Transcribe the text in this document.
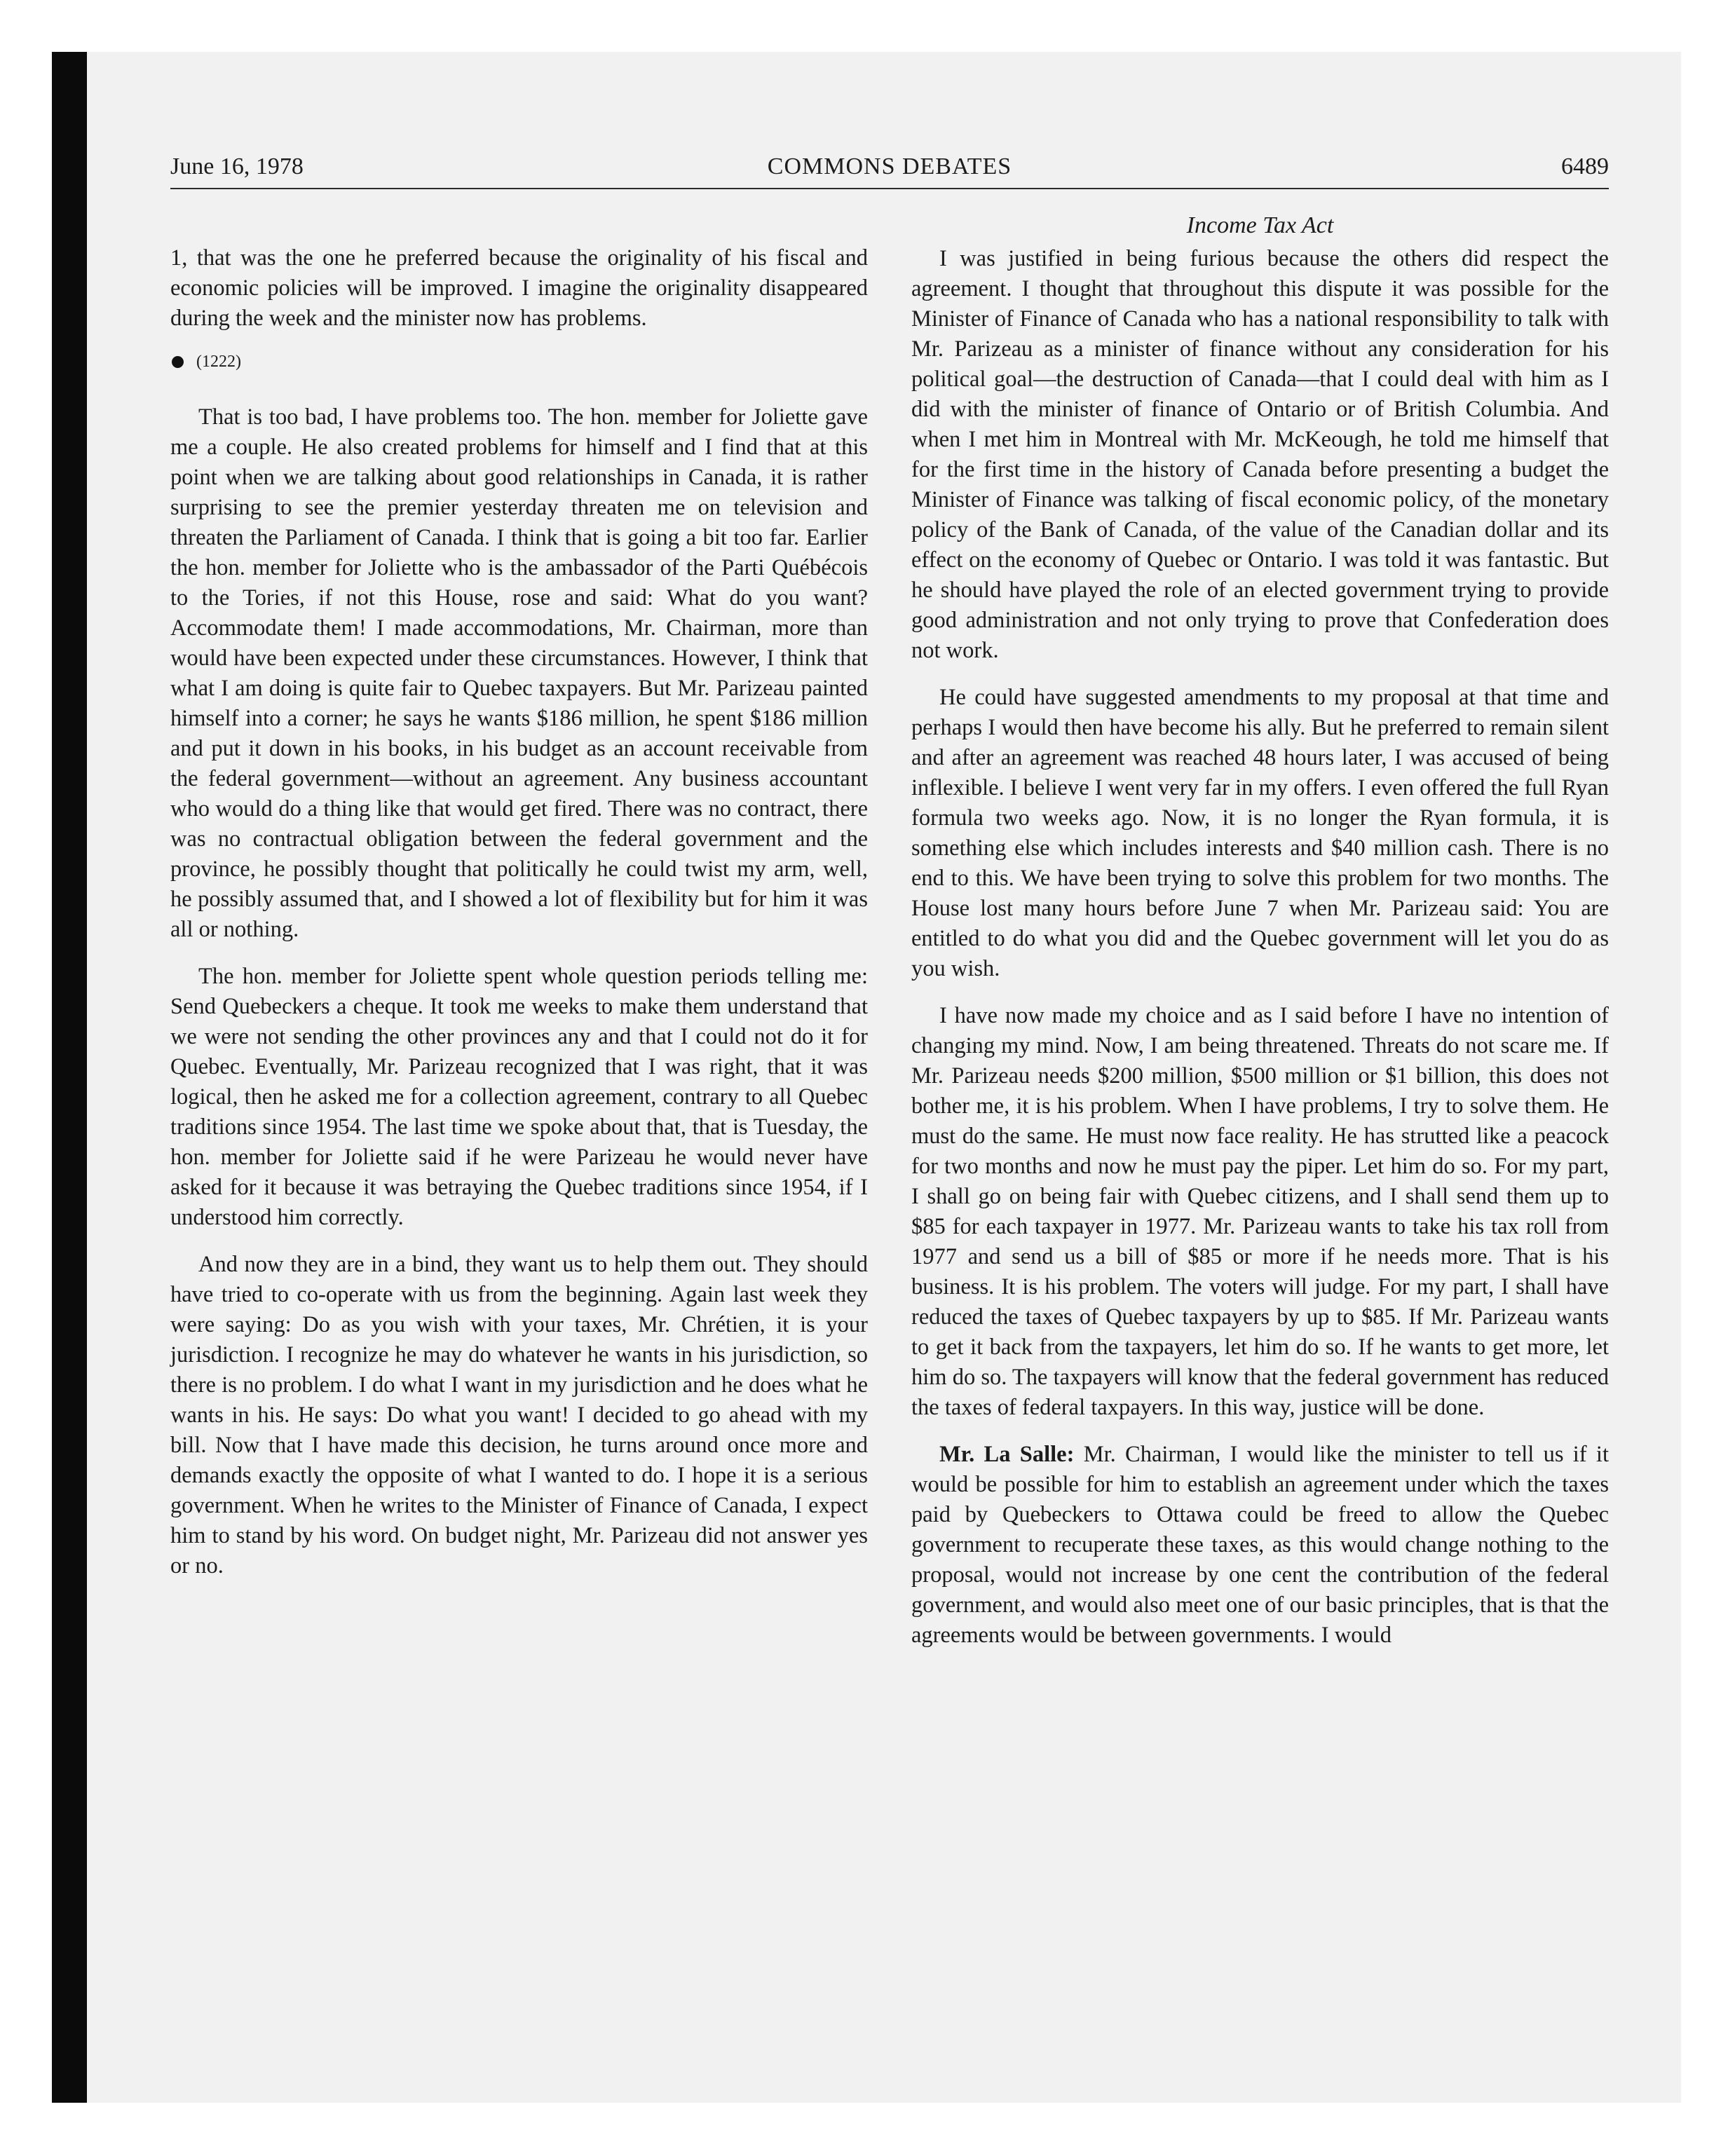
June 16, 1978	COMMONS DEBATES	6489

1, that was the one he preferred because the originality of his fiscal and economic policies will be improved. I imagine the originality disappeared during the week and the minister now has problems.

(1222)

That is too bad, I have problems too. The hon. member for Joliette gave me a couple. He also created problems for himself and I find that at this point when we are talking about good relationships in Canada, it is rather surprising to see the premier yesterday threaten me on television and threaten the Parliament of Canada. I think that is going a bit too far. Earlier the hon. member for Joliette who is the ambassador of the Parti Québécois to the Tories, if not this House, rose and said: What do you want? Accommodate them! I made accommodations, Mr. Chairman, more than would have been expected under these circumstances. However, I think that what I am doing is quite fair to Quebec taxpayers. But Mr. Parizeau painted himself into a corner; he says he wants $186 million, he spent $186 million and put it down in his books, in his budget as an account receivable from the federal government—without an agreement. Any business accountant who would do a thing like that would get fired. There was no contract, there was no contractual obligation between the federal government and the province, he possibly thought that politically he could twist my arm, well, he possibly assumed that, and I showed a lot of flexibility but for him it was all or nothing.

The hon. member for Joliette spent whole question periods telling me: Send Quebeckers a cheque. It took me weeks to make them understand that we were not sending the other provinces any and that I could not do it for Quebec. Eventually, Mr. Parizeau recognized that I was right, that it was logical, then he asked me for a collection agreement, contrary to all Quebec traditions since 1954. The last time we spoke about that, that is Tuesday, the hon. member for Joliette said if he were Parizeau he would never have asked for it because it was betraying the Quebec traditions since 1954, if I understood him correctly.

And now they are in a bind, they want us to help them out. They should have tried to co-operate with us from the beginning. Again last week they were saying: Do as you wish with your taxes, Mr. Chrétien, it is your jurisdiction. I recognize he may do whatever he wants in his jurisdiction, so there is no problem. I do what I want in my jurisdiction and he does what he wants in his. He says: Do what you want! I decided to go ahead with my bill. Now that I have made this decision, he turns around once more and demands exactly the opposite of what I wanted to do. I hope it is a serious government. When he writes to the Minister of Finance of Canada, I expect him to stand by his word. On budget night, Mr. Parizeau did not answer yes or no.

Income Tax Act

I was justified in being furious because the others did respect the agreement. I thought that throughout this dispute it was possible for the Minister of Finance of Canada who has a national responsibility to talk with Mr. Parizeau as a minister of finance without any consideration for his political goal—the destruction of Canada—that I could deal with him as I did with the minister of finance of Ontario or of British Columbia. And when I met him in Montreal with Mr. McKeough, he told me himself that for the first time in the history of Canada before presenting a budget the Minister of Finance was talking of fiscal economic policy, of the monetary policy of the Bank of Canada, of the value of the Canadian dollar and its effect on the economy of Quebec or Ontario. I was told it was fantastic. But he should have played the role of an elected government trying to provide good administration and not only trying to prove that Confederation does not work.

He could have suggested amendments to my proposal at that time and perhaps I would then have become his ally. But he preferred to remain silent and after an agreement was reached 48 hours later, I was accused of being inflexible. I believe I went very far in my offers. I even offered the full Ryan formula two weeks ago. Now, it is no longer the Ryan formula, it is something else which includes interests and $40 million cash. There is no end to this. We have been trying to solve this problem for two months. The House lost many hours before June 7 when Mr. Parizeau said: You are entitled to do what you did and the Quebec government will let you do as you wish.

I have now made my choice and as I said before I have no intention of changing my mind. Now, I am being threatened. Threats do not scare me. If Mr. Parizeau needs $200 million, $500 million or $1 billion, this does not bother me, it is his problem. When I have problems, I try to solve them. He must do the same. He must now face reality. He has strutted like a peacock for two months and now he must pay the piper. Let him do so. For my part, I shall go on being fair with Quebec citizens, and I shall send them up to $85 for each taxpayer in 1977. Mr. Parizeau wants to take his tax roll from 1977 and send us a bill of $85 or more if he needs more. That is his business. It is his problem. The voters will judge. For my part, I shall have reduced the taxes of Quebec taxpayers by up to $85. If Mr. Parizeau wants to get it back from the taxpayers, let him do so. If he wants to get more, let him do so. The taxpayers will know that the federal government has reduced the taxes of federal taxpayers. In this way, justice will be done.

Mr. La Salle: Mr. Chairman, I would like the minister to tell us if it would be possible for him to establish an agreement under which the taxes paid by Quebeckers to Ottawa could be freed to allow the Quebec government to recuperate these taxes, as this would change nothing to the proposal, would not increase by one cent the contribution of the federal government, and would also meet one of our basic principles, that is that the agreements would be between governments. I would
